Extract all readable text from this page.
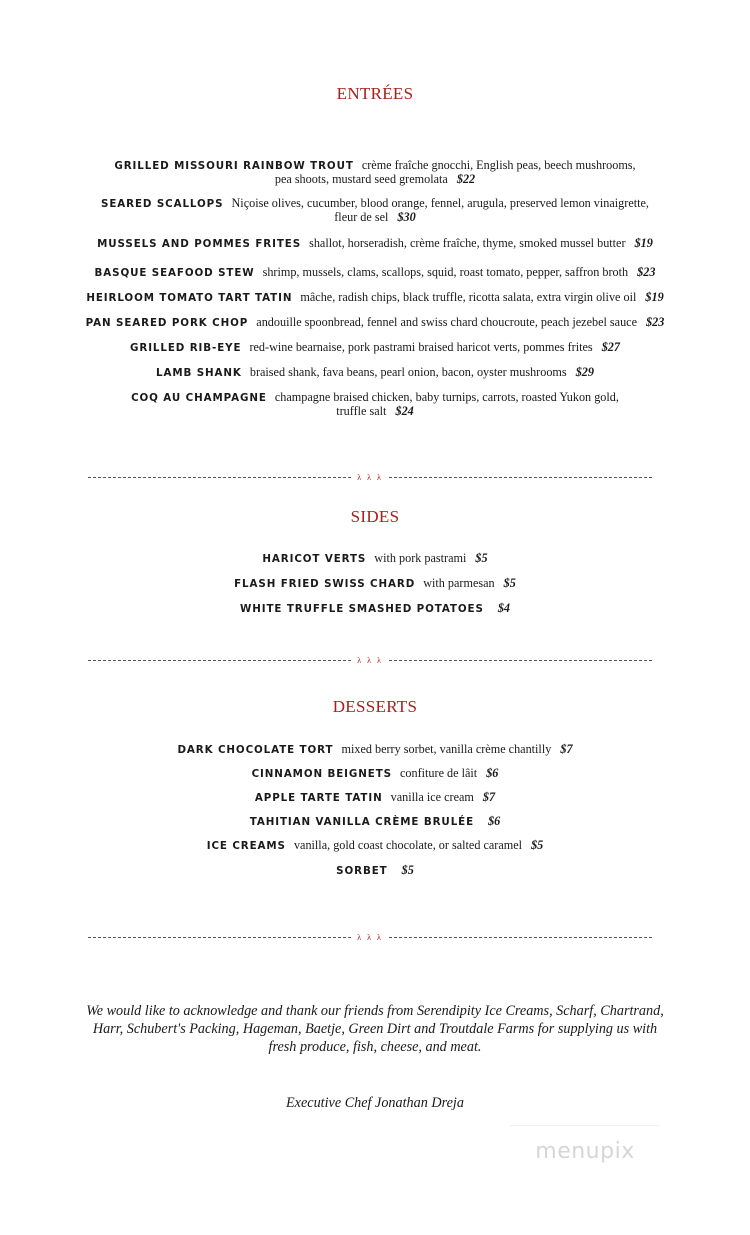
ENTRÉES
GRILLED MISSOURI RAINBOW TROUT crème fraîche gnocchi, English peas, beech mushrooms,
pea shoots, mustard seed gremolata $22
SEARED SCALLOPS Niçoise olives, cucumber, blood orange, fennel, arugula, preserved lemon vinaigrette,
fleur de sel $30
MUSSELS AND POMMES FRITES shallot, horseradish, crème fraîche, thyme, smoked mussel butter $19
BASQUE SEAFOOD STEW shrimp, mussels, clams, scallops, squid, roast tomato, pepper, saffron broth $23
HEIRLOOM TOMATO TART TATIN mâche, radish chips, black truffle, ricotta salata, extra virgin olive oil $19
PAN SEARED PORK CHOP andouille spoonbread, fennel and swiss chard choucroute, peach jezebel sauce $23
GRILLED RIB-EYE red-wine bearnaise, pork pastrami braised haricot verts, pommes frites $27
LAMB SHANK braised shank, fava beans, pearl onion, bacon, oyster mushrooms $29
COQ AU CHAMPAGNE champagne braised chicken, baby turnips, carrots, roasted Yukon gold,
truffle salt $24
λ λ λ
SIDES
HARICOT VERTS with pork pastrami $5
FLASH FRIED SWISS CHARD with parmesan $5
WHITE TRUFFLE SMASHED POTATOES $4
λ λ λ
DESSERTS
DARK CHOCOLATE TORT mixed berry sorbet, vanilla crème chantilly $7
CINNAMON BEIGNETS confiture de lâit $6
APPLE TARTE TATIN vanilla ice cream $7
TAHITIAN VANILLA CRÈME BRULÉE $6
ICE CREAMS vanilla, gold coast chocolate, or salted caramel $5
SORBET $5
λ λ λ
We would like to acknowledge and thank our friends from Serendipity Ice Creams, Scharf, Chartrand, Harr, Schubert's Packing, Hageman, Baetje, Green Dirt and Troutdale Farms for supplying us with fresh produce, fish, cheese, and meat.
Executive Chef Jonathan Dreja
menupix
